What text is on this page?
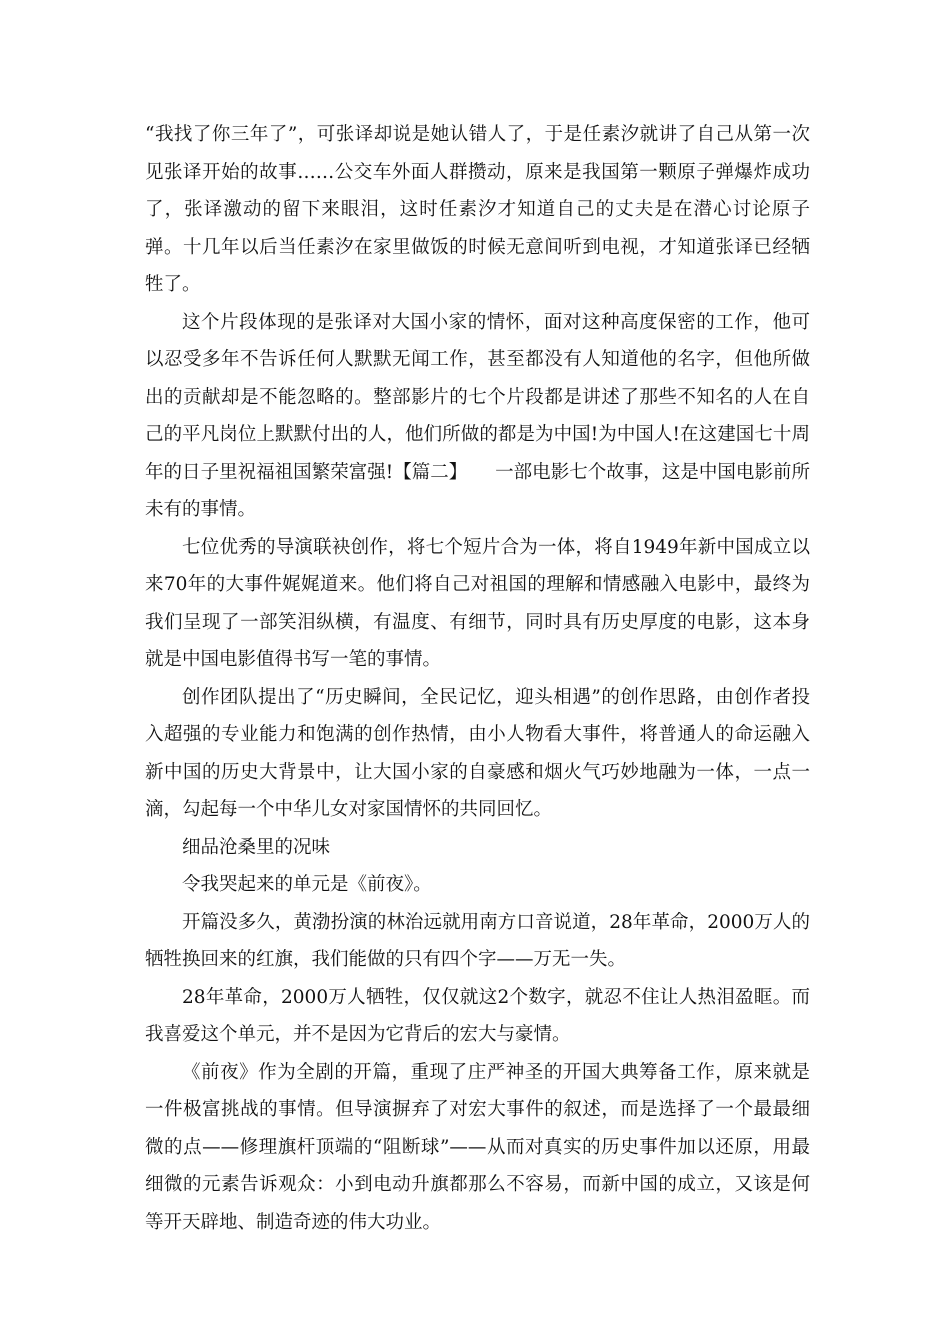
“我找了你三年了”，可张译却说是她认错人了，于是任素汐就讲了自己从第一次见张译开始的故事……公交车外面人群攒动，原来是我国第一颗原子弹爆炸成功了，张译激动的留下来眼泪，这时任素汐才知道自己的丈夫是在潜心讨论原子弹。十几年以后当任素汐在家里做饭的时候无意间听到电视，才知道张译已经牺牲了。

这个片段体现的是张译对大国小家的情怀，面对这种高度保密的工作，他可以忍受多年不告诉任何人默默无闻工作，甚至都没有人知道他的名字，但他所做出的贡献却是不能忽略的。整部影片的七个片段都是讲述了那些不知名的人在自己的平凡岗位上默默付出的人，他们所做的都是为中国!为中国人!在这建国七十周年的日子里祝福祖国繁荣富强!【篇二】　　一部电影七个故事，这是中国电影前所未有的事情。

七位优秀的导演联袂创作，将七个短片合为一体，将自1949年新中国成立以来70年的大事件娓娓道来。他们将自己对祖国的理解和情感融入电影中，最终为我们呈现了一部笑泪纵横，有温度、有细节，同时具有历史厚度的电影，这本身就是中国电影值得书写一笔的事情。

创作团队提出了“历史瞬间，全民记忆，迎头相遇”的创作思路，由创作者投入超强的专业能力和饱满的创作热情，由小人物看大事件，将普通人的命运融入新中国的历史大背景中，让大国小家的自豪感和烟火气巧妙地融为一体，一点一滴，勾起每一个中华儿女对家国情怀的共同回忆。

细品沧桑里的况味

令我哭起来的单元是《前夜》。

开篇没多久，黄渤扮演的林治远就用南方口音说道，28年革命，2000万人的牺牲换回来的红旗，我们能做的只有四个字——万无一失。

28年革命，2000万人牺牲，仅仅就这2个数字，就忍不住让人热泪盈眶。而我喜爱这个单元，并不是因为它背后的宏大与豪情。

《前夜》作为全剧的开篇，重现了庄严神圣的开国大典筹备工作，原来就是一件极富挑战的事情。但导演摒弃了对宏大事件的叙述，而是选择了一个最最细微的点——修理旗杆顶端的“阻断球”——从而对真实的历史事件加以还原，用最细微的元素告诉观众：小到电动升旗都那么不容易，而新中国的成立，又该是何等开天辟地、制造奇迹的伟大功业。
